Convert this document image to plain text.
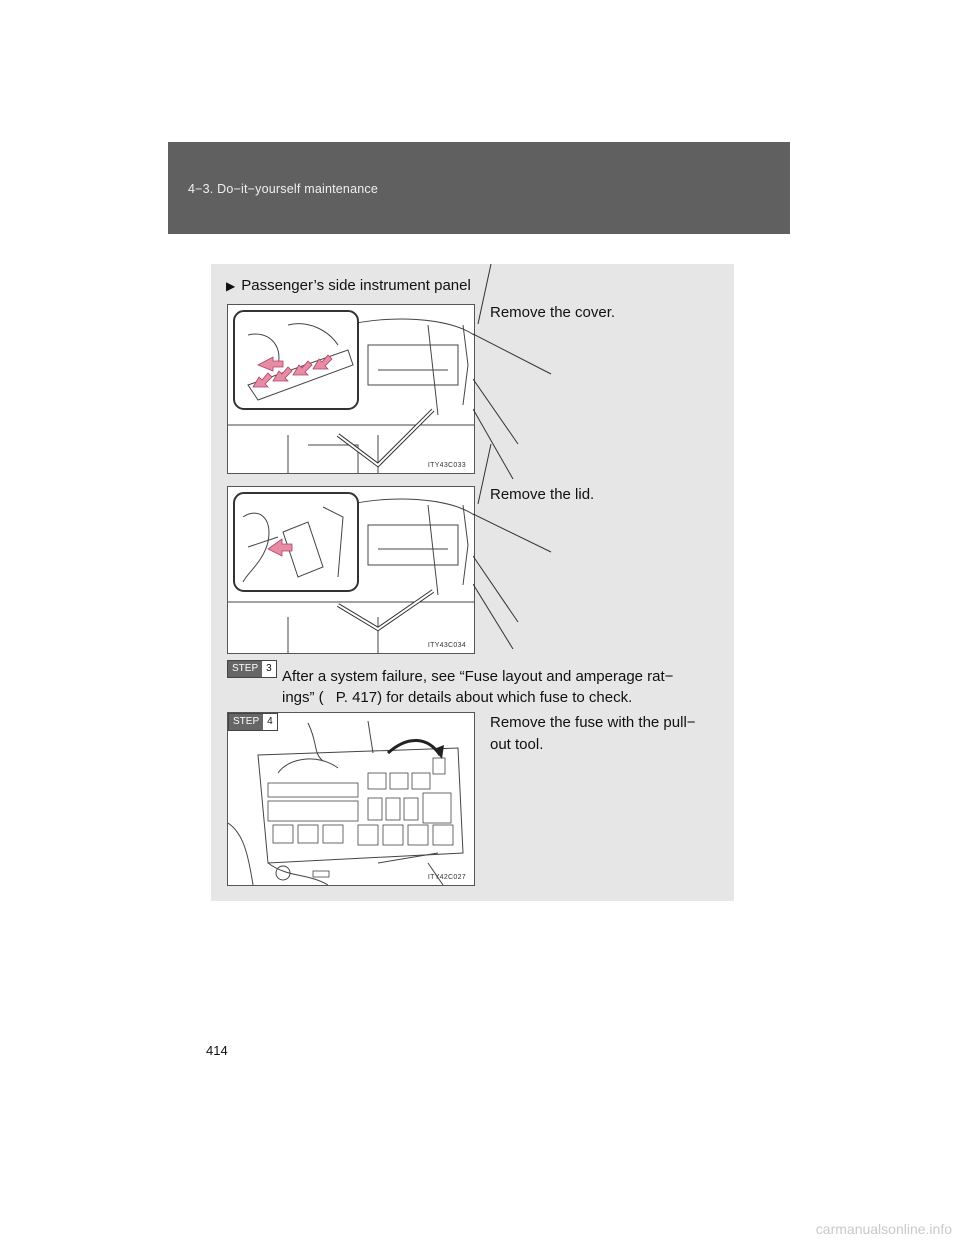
4−3. Do−it−yourself maintenance
▶ Passenger’s side instrument panel
ITY43C033
Remove the cover.
ITY43C034
Remove the lid.
STEP 3 After a system failure, see “Fuse layout and amperage rat−
ings” ( P. 417) for details about which fuse to check.
STEP 4
ITY42C027
Remove the fuse with the pull−
out tool.
414
carmanualsonline.info
